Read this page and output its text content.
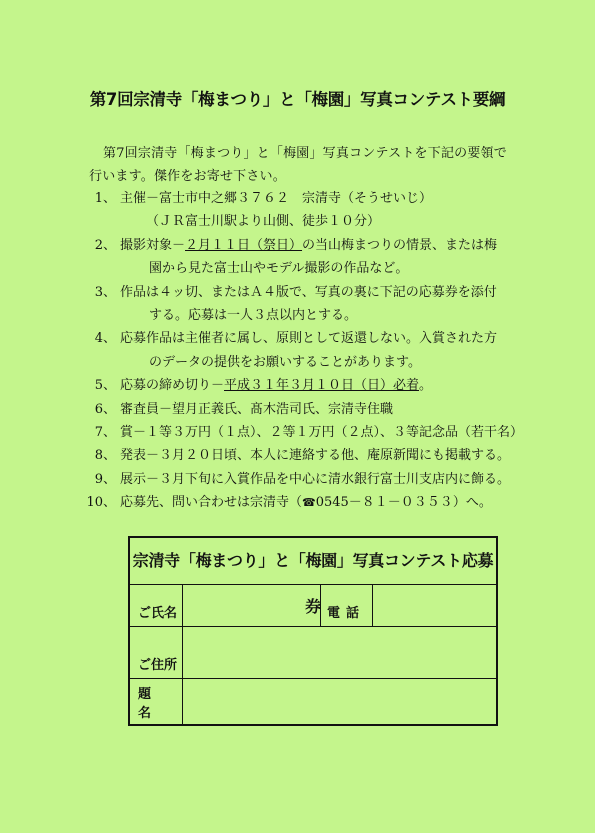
第7回宗清寺「梅まつり」と「梅園」写真コンテスト要綱

第7回宗清寺「梅まつり」と「梅園」写真コンテストを下記の要領で

行います。傑作をお寄せ下さい。

1、 主催－富士市中之郷３７６２　宗清寺（そうせいじ）
（ＪＲ富士川駅より山側、徒歩１０分）
2、 撮影対象－２月１１日（祭日）の当山梅まつりの情景、または梅
園から見た富士山やモデル撮影の作品など。
3、 作品は４ッ切、またはＡ４版で、写真の裏に下記の応募券を添付
する。応募は一人３点以内とする。
4、 応募作品は主催者に属し、原則として返還しない。入賞された方
のデータの提供をお願いすることがあります。
5、 応募の締め切り－平成３１年３月１０日（日）必着。
6、 審査員－望月正義氏、髙木浩司氏、宗清寺住職
7、 賞－１等３万円（１点）、２等１万円（２点）、３等記念品（若干名）
8、 発表－３月２０日頃、本人に連絡する他、庵原新聞にも掲載する。
9、 展示－３月下旬に入賞作品を中心に清水銀行富士川支店内に飾る。
10、 応募先、問い合わせは宗清寺（☎0545－８１－０３５３）へ。
宗清寺「梅まつり」と「梅園」写真コンテスト応募券
ご氏名	電話
ご住所
題名
